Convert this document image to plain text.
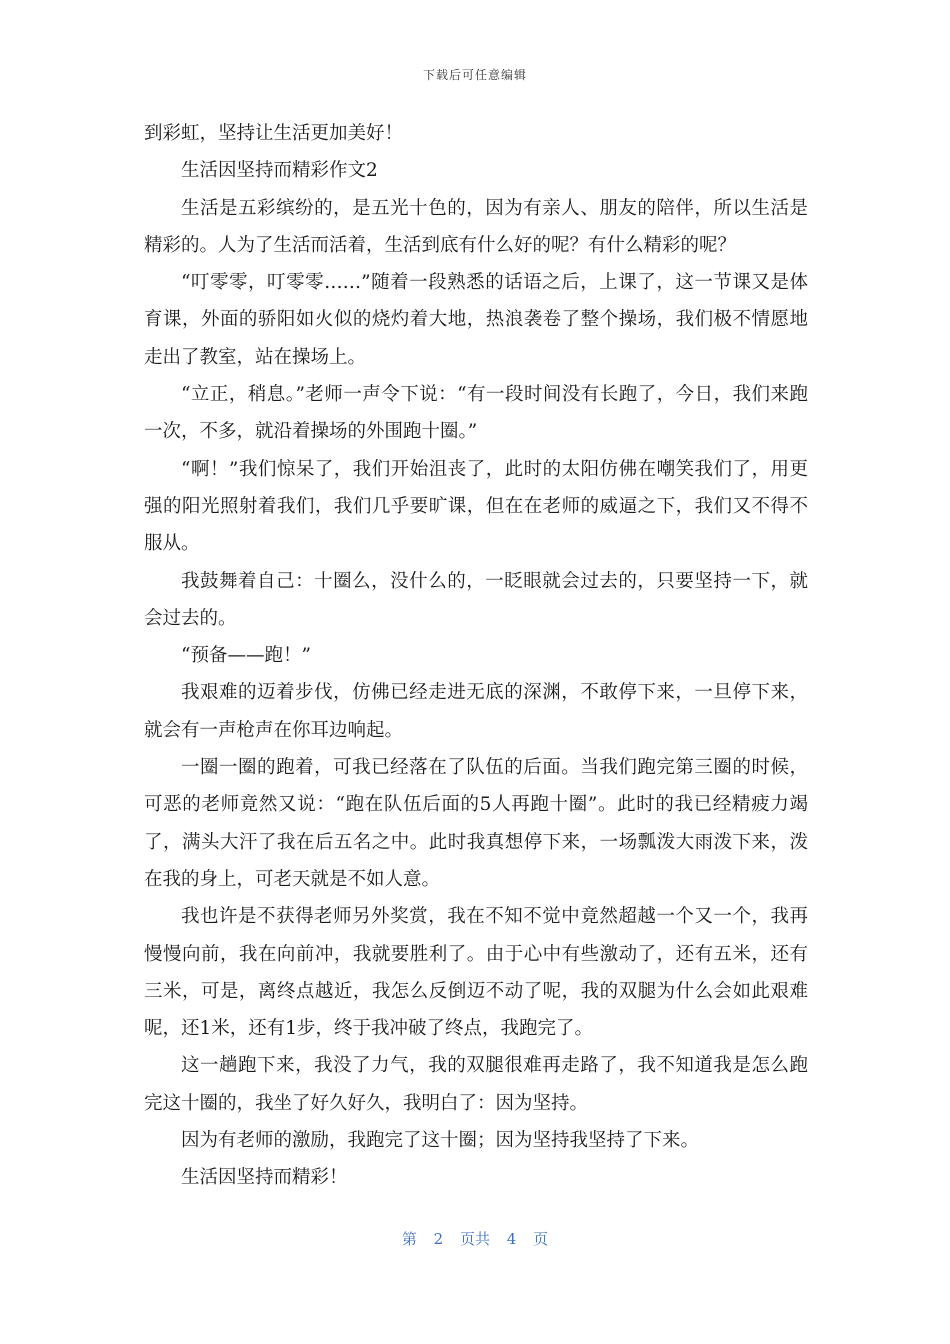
下载后可任意编辑

到彩虹，坚持让生活更加美好！

生活因坚持而精彩作文2

生活是五彩缤纷的，是五光十色的，因为有亲人、朋友的陪伴，所以生活是精彩的。人为了生活而活着，生活到底有什么好的呢？有什么精彩的呢？

“叮零零，叮零零……”随着一段熟悉的话语之后，上课了，这一节课又是体育课，外面的骄阳如火似的烧灼着大地，热浪袭卷了整个操场，我们极不情愿地走出了教室，站在操场上。

“立正，稍息。”老师一声令下说：“有一段时间没有长跑了，今日，我们来跑一次，不多，就沿着操场的外围跑十圈。”

“啊！”我们惊呆了，我们开始沮丧了，此时的太阳仿佛在嘲笑我们了，用更强的阳光照射着我们，我们几乎要旷课，但在在老师的威逼之下，我们又不得不服从。

我鼓舞着自己：十圈么，没什么的，一眨眼就会过去的，只要坚持一下，就会过去的。

“预备——跑！”

我艰难的迈着步伐，仿佛已经走进无底的深渊，不敢停下来，一旦停下来，就会有一声枪声在你耳边响起。

一圈一圈的跑着，可我已经落在了队伍的后面。当我们跑完第三圈的时候，可恶的老师竟然又说：“跑在队伍后面的5人再跑十圈”。此时的我已经精疲力竭了，满头大汗了我在后五名之中。此时我真想停下来，一场瓢泼大雨泼下来，泼在我的身上，可老天就是不如人意。

我也许是不获得老师另外奖赏，我在不知不觉中竟然超越一个又一个，我再慢慢向前，我在向前冲，我就要胜利了。由于心中有些激动了，还有五米，还有三米，可是，离终点越近，我怎么反倒迈不动了呢，我的双腿为什么会如此艰难呢，还1米，还有1步，终于我冲破了终点，我跑完了。

这一趟跑下来，我没了力气，我的双腿很难再走路了，我不知道我是怎么跑完这十圈的，我坐了好久好久，我明白了：因为坚持。

因为有老师的激励，我跑完了这十圈；因为坚持我坚持了下来。

生活因坚持而精彩！

第 2 页共 4 页
